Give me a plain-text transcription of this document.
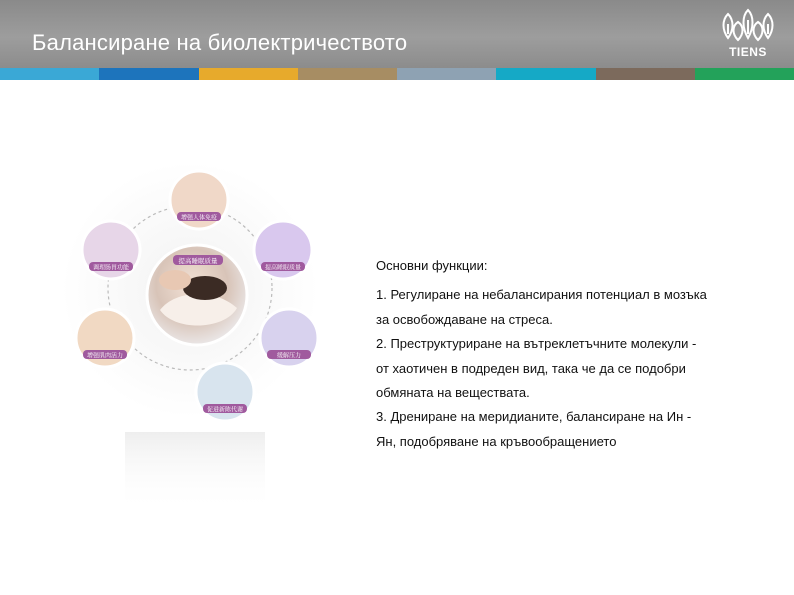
Балансиране на биолектричеството	TIENS
增强人体免疫
提高睡眠质量
缓解压力
促进新陈代谢
增强肌肉活力
调理肠胃功能
提高睡眠质量	Основни функции:

1. Регулиране на небалансирания потенциал в мозъка

за освобождаване на стреса.

2. Преструктуриране на вътреклетъчните молекули -

от хаотичен в подреден вид, така че да се подобри

обмяната на веществата.

3. Дрениране на меридианите, балансиране на Ин -

Ян, подобряване на кръвообращението
